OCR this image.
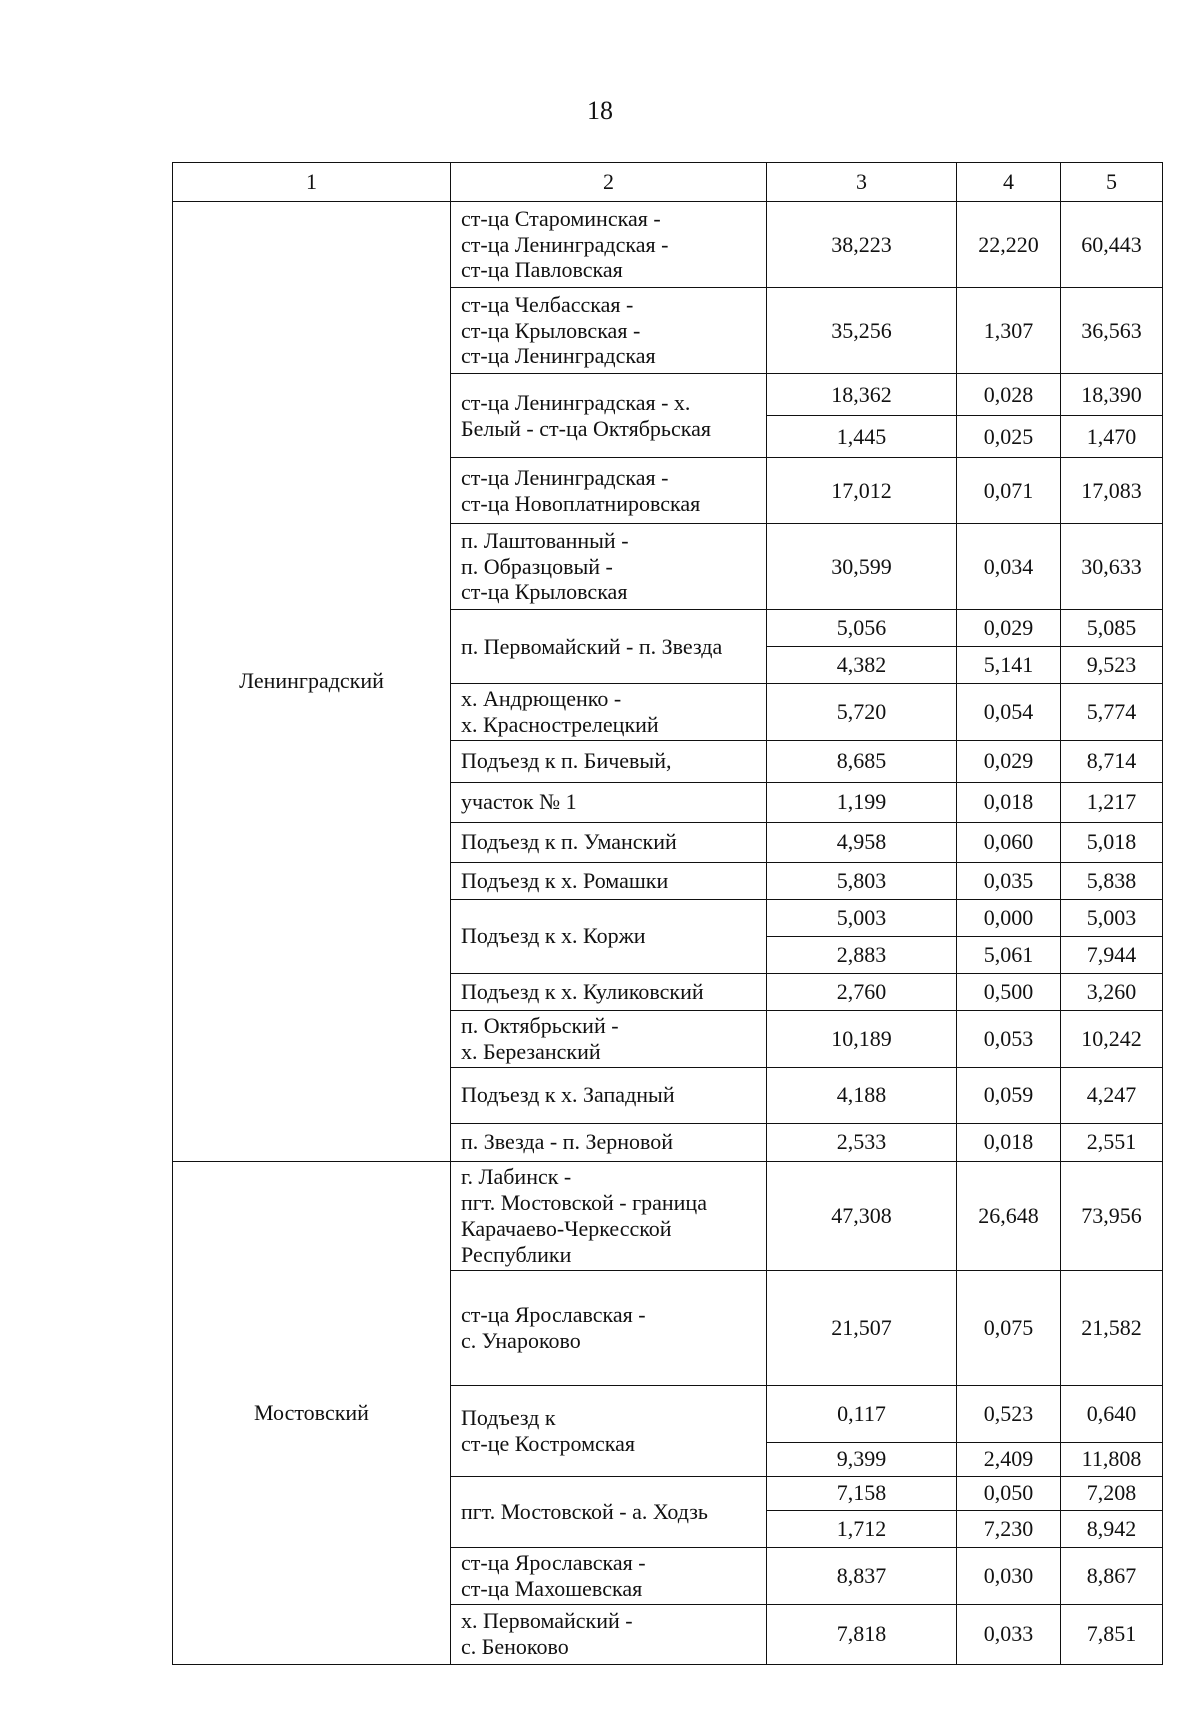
18
1	2	3	4	5
Ленинградский	ст-ца Староминская -
ст-ца Ленинградская -
ст-ца Павловская	38,223	22,220	60,443

	ст-ца Челбасская -
ст-ца Крыловская -
ст-ца Ленинградская	35,256	1,307	36,563

	ст-ца Ленинградская - х.
Белый - ст-ца Октябрьская	18,362	0,028	18,390
		1,445	0,025	1,470

	ст-ца Ленинградская -
ст-ца Новоплатнировская	17,012	0,071	17,083

	п. Лаштованный -
п. Образцовый -
ст-ца Крыловская	30,599	0,034	30,633

	п. Первомайский - п. Звезда	5,056	0,029	5,085
		4,382	5,141	9,523

	х. Андрющенко -
х. Краснострелецкий	5,720	0,054	5,774

	Подъезд к п. Бичевый,	8,685	0,029	8,714

	участок № 1	1,199	0,018	1,217

	Подъезд к п. Уманский	4,958	0,060	5,018

	Подъезд к х. Ромашки	5,803	0,035	5,838

	Подъезд к х. Коржи	5,003	0,000	5,003
		2,883	5,061	7,944

	Подъезд к х. Куликовский	2,760	0,500	3,260

	п. Октябрьский -
х. Березанский	10,189	0,053	10,242

	Подъезд к х. Западный	4,188	0,059	4,247

	п. Звезда - п. Зерновой	2,533	0,018	2,551
Мостовский	г. Лабинск -
пгт. Мостовской - граница
Карачаево-Черкесской
Республики	47,308	26,648	73,956

	ст-ца Ярославская -
с. Унароково	21,507	0,075	21,582

	Подъезд к
ст-це Костромская	0,117	0,523	0,640
		9,399	2,409	11,808

	пгт. Мостовской - а. Ходзь	7,158	0,050	7,208
		1,712	7,230	8,942

	ст-ца Ярославская -
ст-ца Махошевская	8,837	0,030	8,867

	х. Первомайский -
с. Беноково	7,818	0,033	7,851
